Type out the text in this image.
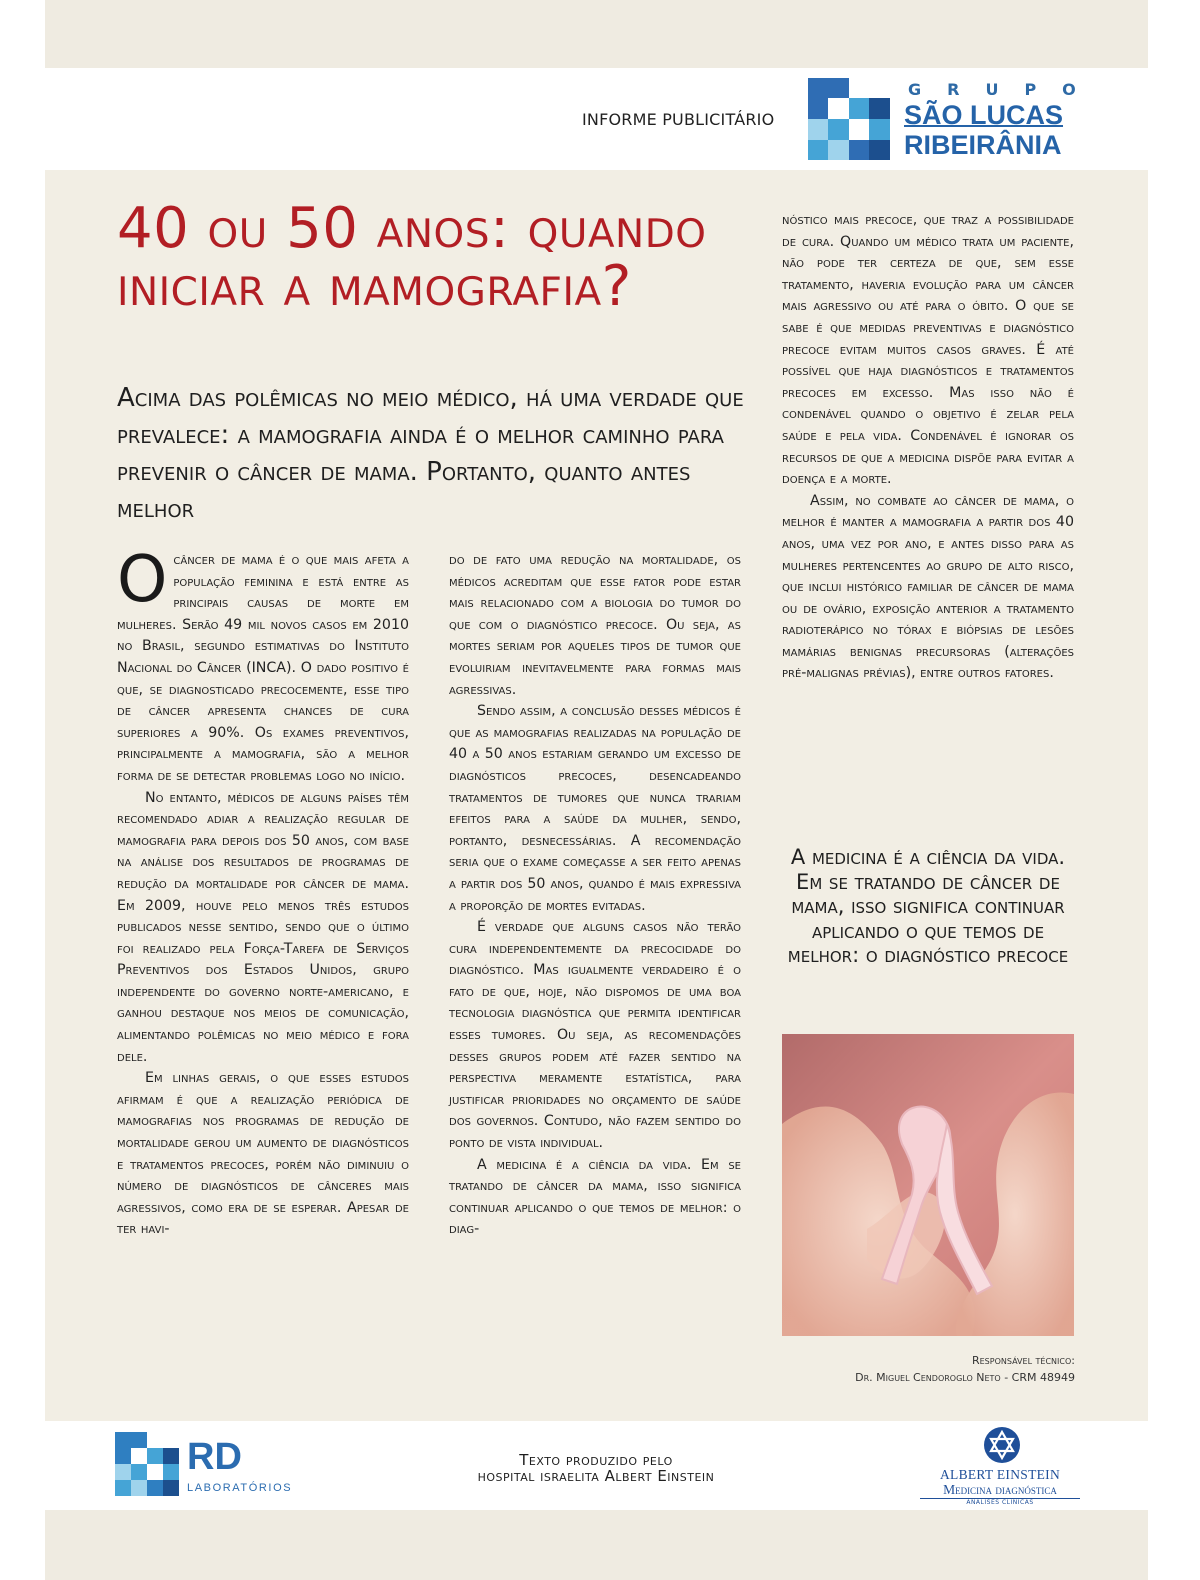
INFORME PUBLICITÁRIO
GRUPO
SÃO LUCAS
RIBEIRÂNIA
40 ou 50 anos: quando iniciar a mamografia?
Acima das polêmicas no meio médico, há uma verdade que prevalece: a mamografia ainda é o melhor caminho para prevenir o câncer de mama. Portanto, quanto antes melhor

Ocâncer de mama é o que mais afeta a população feminina e está entre as principais causas de morte em mulheres. Serão 49 mil novos casos em 2010 no Brasil, segundo estimativas do Instituto Nacional do Câncer (INCA). O dado positivo é que, se diagnosticado precocemente, esse tipo de câncer apresenta chances de cura superiores a 90%. Os exames preventivos, principalmente a mamografia, são a melhor forma de se detectar problemas logo no início.

No entanto, médicos de alguns países têm recomendado adiar a realização regular de mamografia para depois dos 50 anos, com base na análise dos resultados de programas de redução da mortalidade por câncer de mama. Em 2009, houve pelo menos três estudos publicados nesse sentido, sendo que o último foi realizado pela Força-Tarefa de Serviços Preventivos dos Estados Unidos, grupo independente do governo norte-americano, e ganhou destaque nos meios de comunicação, alimentando polêmicas no meio médico e fora dele.

Em linhas gerais, o que esses estudos afirmam é que a realização periódica de mamografias nos programas de redução de mortalidade gerou um aumento de diagnósticos e tratamentos precoces, porém não diminuiu o número de diagnósticos de cânceres mais agressivos, como era de se esperar. Apesar de ter havi-

do de fato uma redução na mortalidade, os médicos acreditam que esse fator pode estar mais relacionado com a biologia do tumor do que com o diagnóstico precoce. Ou seja, as mortes seriam por aqueles tipos de tumor que evoluiriam inevitavelmente para formas mais agressivas.

Sendo assim, a conclusão desses médicos é que as mamografias realizadas na população de 40 a 50 anos estariam gerando um excesso de diagnósticos precoces, desencadeando tratamentos de tumores que nunca trariam efeitos para a saúde da mulher, sendo, portanto, desnecessárias. A recomendação seria que o exame começasse a ser feito apenas a partir dos 50 anos, quando é mais expressiva a proporção de mortes evitadas.

É verdade que alguns casos não terão cura independentemente da precocidade do diagnóstico. Mas igualmente verdadeiro é o fato de que, hoje, não dispomos de uma boa tecnologia diagnóstica que permita identificar esses tumores. Ou seja, as recomendações desses grupos podem até fazer sentido na perspectiva meramente estatística, para justificar prioridades no orçamento de saúde dos governos. Contudo, não fazem sentido do ponto de vista individual.

A medicina é a ciência da vida. Em se tratando de câncer da mama, isso significa continuar aplicando o que temos de melhor: o diag-

nóstico mais precoce, que traz a possibilidade de cura. Quando um médico trata um paciente, não pode ter certeza de que, sem esse tratamento, haveria evolução para um câncer mais agressivo ou até para o óbito. O que se sabe é que medidas preventivas e diagnóstico precoce evitam muitos casos graves. É até possível que haja diagnósticos e tratamentos precoces em excesso. Mas isso não é condenável quando o objetivo é zelar pela saúde e pela vida. Condenável é ignorar os recursos de que a medicina dispõe para evitar a doença e a morte.

Assim, no combate ao câncer de mama, o melhor é manter a mamografia a partir dos 40 anos, uma vez por ano, e antes disso para as mulheres pertencentes ao grupo de alto risco, que inclui histórico familiar de câncer de mama ou de ovário, exposição anterior a tratamento radioterápico no tórax e biópsias de lesões mamárias benignas precursoras (alterações pré-malignas prévias), entre outros fatores.

A medicina é a ciência da vida. Em se tratando de câncer de mama, isso significa continuar aplicando o que temos de melhor: o diagnóstico precoce
Responsável técnico:
Dr. Miguel Cendoroglo Neto - CRM 48949
RD
LABORATÓRIOS
Texto produzido pelo
hospital israelita Albert Einstein	ALBERT EINSTEIN
Medicina diagnóstica
ANÁLISES CLÍNICAS
